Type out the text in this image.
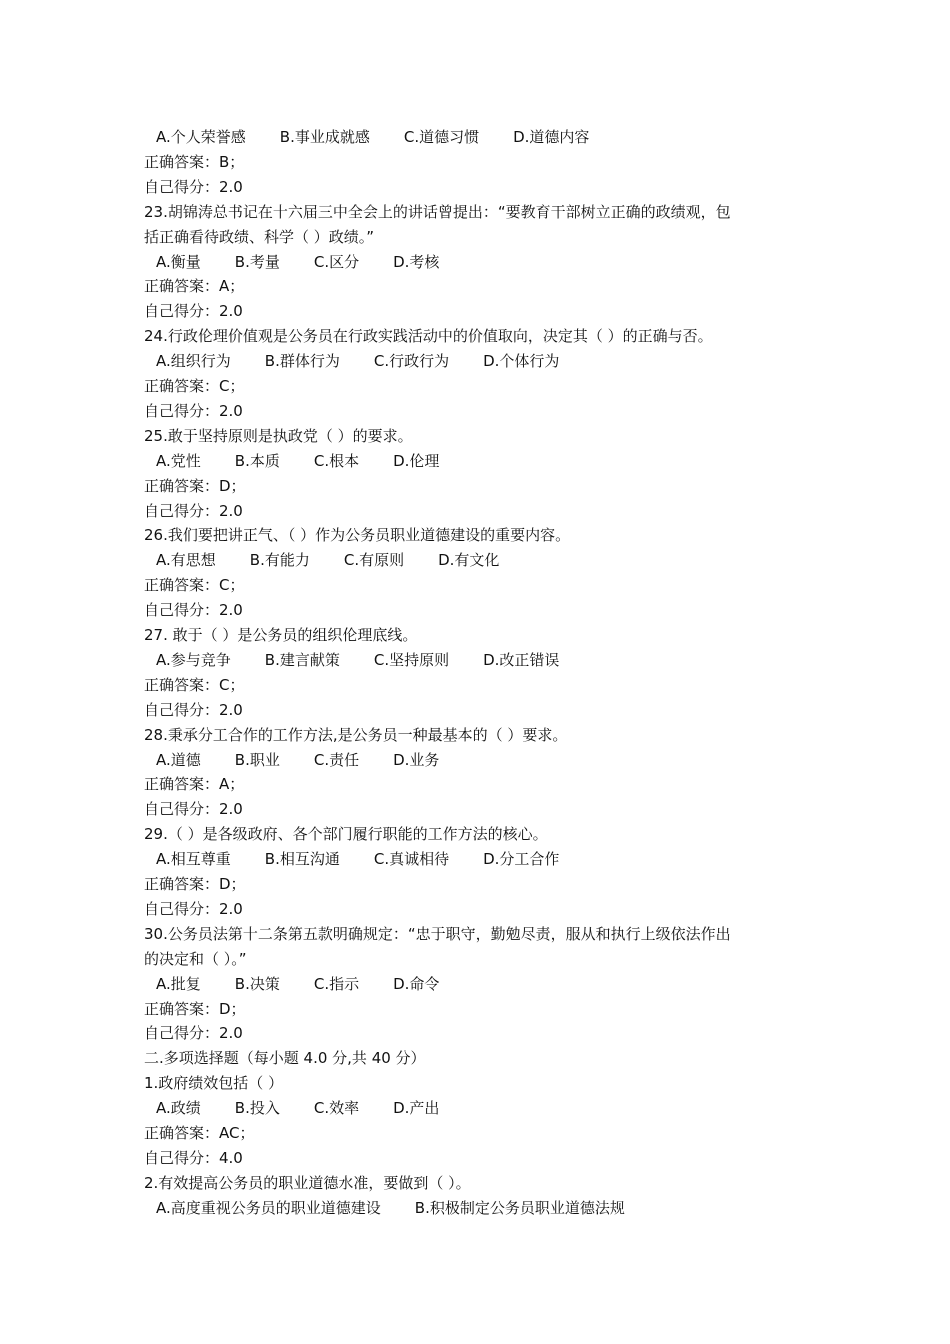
A.个人荣誉感 B.事业成就感 C.道德习惯 D.道德内容
正确答案：B；
自己得分：2.0
23.胡锦涛总书记在十六届三中全会上的讲话曾提出：“要教育干部树立正确的政绩观，包
括正确看待政绩、科学（ ）政绩。”
A.衡量 B.考量 C.区分 D.考核
正确答案：A；
自己得分：2.0
24.行政伦理价值观是公务员在行政实践活动中的价值取向，决定其（ ）的正确与否。
A.组织行为 B.群体行为 C.行政行为 D.个体行为
正确答案：C；
自己得分：2.0
25.敢于坚持原则是执政党（ ）的要求。
A.党性 B.本质 C.根本 D.伦理
正确答案：D；
自己得分：2.0
26.我们要把讲正气、（ ）作为公务员职业道德建设的重要内容。
A.有思想 B.有能力 C.有原则 D.有文化
正确答案：C；
自己得分：2.0
27. 敢于（ ）是公务员的组织伦理底线。
A.参与竞争 B.建言献策 C.坚持原则 D.改正错误
正确答案：C；
自己得分：2.0
28.秉承分工合作的工作方法,是公务员一种最基本的（ ）要求。
A.道德 B.职业 C.责任 D.业务
正确答案：A；
自己得分：2.0
29.（ ）是各级政府、各个部门履行职能的工作方法的核心。
A.相互尊重 B.相互沟通 C.真诚相待 D.分工合作
正确答案：D；
自己得分：2.0
30.公务员法第十二条第五款明确规定：“忠于职守，勤勉尽责，服从和执行上级依法作出
的决定和（ ）。”
A.批复 B.决策 C.指示 D.命令
正确答案：D；
自己得分：2.0
二.多项选择题（每小题 4.0 分,共 40 分）
1.政府绩效包括（ ）
A.政绩 B.投入 C.效率 D.产出
正确答案：AC；
自己得分：4.0
2.有效提高公务员的职业道德水准，要做到（ ）。
A.高度重视公务员的职业道德建设 B.积极制定公务员职业道德法规
